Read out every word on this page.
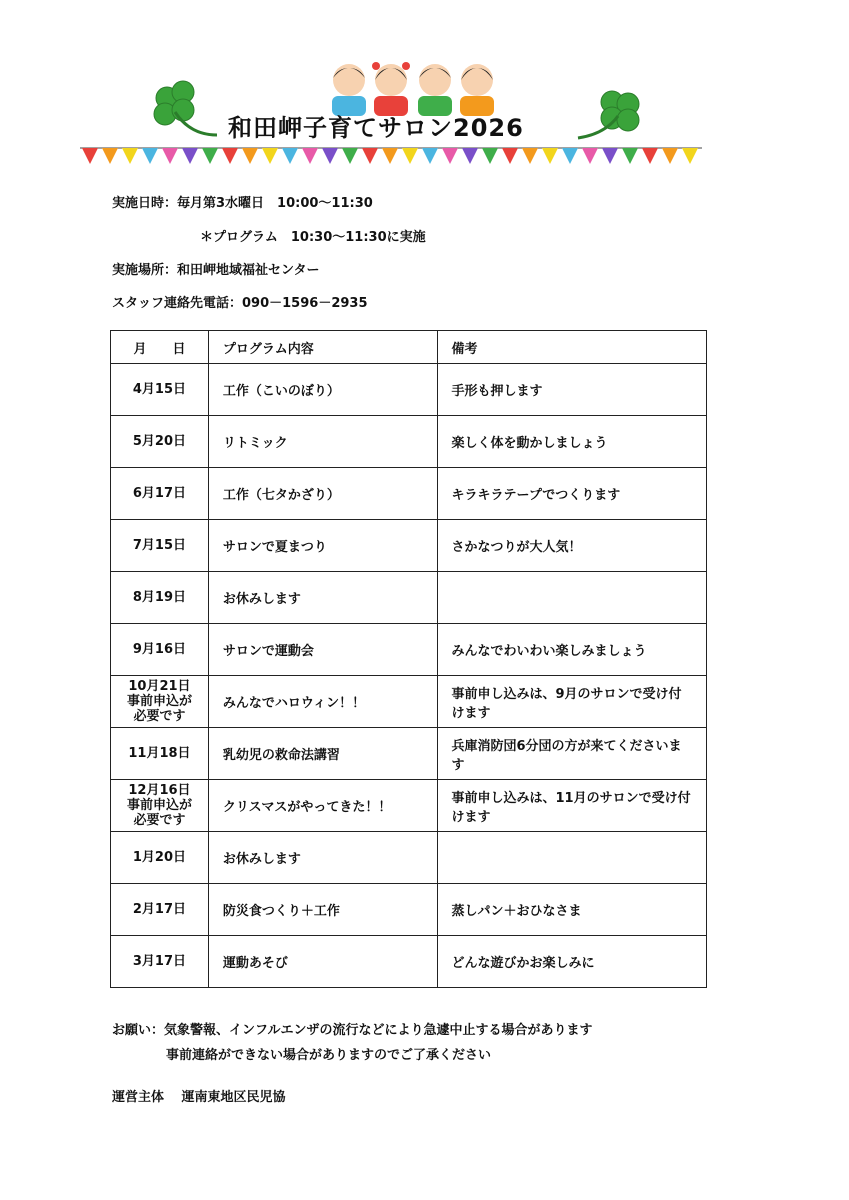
和田岬子育てサロン2026
実施日時：毎月第3水曜日　10:00〜11:30
＊プログラム　10:30〜11:30に実施
実施場所：和田岬地域福祉センター
スタッフ連絡先電話：090－1596－2935
月　　日	プログラム内容	備考
4月15日	工作（こいのぼり）	手形も押します
5月20日	リトミック	楽しく体を動かしましょう
6月17日	工作（七タかざり）	キラキラテープでつくります
7月15日	サロンで夏まつり	さかなつりが大人気！
8月19日	お休みします	
9月16日	サロンで運動会	みんなでわいわい楽しみましょう
10月21日
事前申込が
必要です	みんなでハロウィン！！	事前申し込みは、9月のサロンで受け付けます
11月18日	乳幼児の救命法講習	兵庫消防団6分団の方が来てくださいます
12月16日
事前申込が
必要です	クリスマスがやってきた！！	事前申し込みは、11月のサロンで受け付けます
1月20日	お休みします	
2月17日	防災食つくり＋工作	蒸しパン＋おひなさま
3月17日	運動あそび	どんな遊びかお楽しみに
お願い：気象警報、インフルエンザの流行などにより急遽中止する場合があります
事前連絡ができない場合がありますのでご了承ください
運営主体　 運南東地区民児協
